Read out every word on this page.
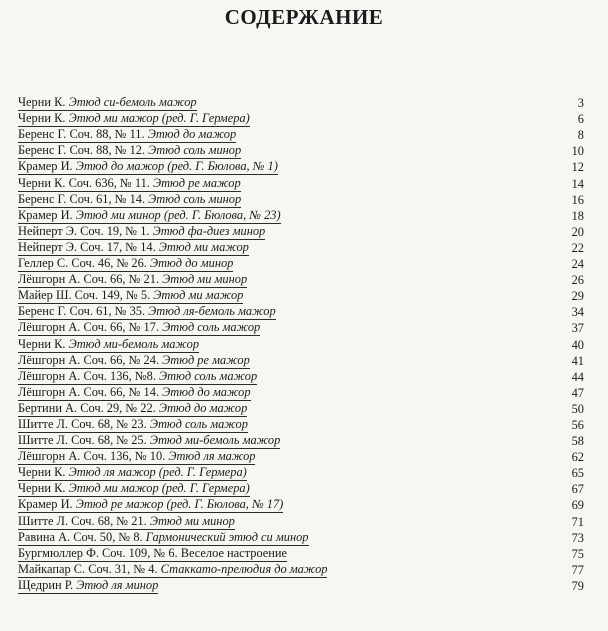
СОДЕРЖАНИЕ
Черни К. Этюд си-бемоль мажор	3
Черни К. Этюд ми мажор (ред. Г. Гермера)	6
Беренс Г. Соч. 88, № 11. Этюд до мажор	8
Беренс Г. Соч. 88, № 12. Этюд соль минор	10
Крамер И. Этюд до мажор (ред. Г. Бюлова, № 1)	12
Черни К. Соч. 636, № 11. Этюд ре мажор	14
Беренс Г. Соч. 61, № 14. Этюд соль минор	16
Крамер И. Этюд ми минор (ред. Г. Бюлова, № 23)	18
Нейперт Э. Соч. 19, № 1. Этюд фа-диез минор	20
Нейперт Э. Соч. 17, № 14. Этюд ми мажор	22
Геллер С. Соч. 46, № 26. Этюд до минор	24
Лёшгорн А. Соч. 66, № 21. Этюд ми минор	26
Майер Ш. Соч. 149, № 5. Этюд ми мажор	29
Беренс Г. Соч. 61, № 35. Этюд ля-бемоль мажор	34
Лёшгорн А. Соч. 66, № 17. Этюд соль мажор	37
Черни К. Этюд ми-бемоль мажор	40
Лёшгорн А. Соч. 66, № 24. Этюд ре мажор	41
Лёшгорн А. Соч. 136, №8. Этюд соль мажор	44
Лёшгорн А. Соч. 66, № 14. Этюд до мажор	47
Бертини А. Соч. 29, № 22. Этюд до мажор	50
Шитте Л. Соч. 68, № 23. Этюд соль мажор	56
Шитте Л. Соч. 68, № 25. Этюд ми-бемоль мажор	58
Лёшгорн А. Соч. 136, № 10. Этюд ля мажор	62
Черни К. Этюд ля мажор (ред. Г. Гермера)	65
Черни К. Этюд ми мажор (ред. Г. Гермера)	67
Крамер И. Этюд ре мажор (ред. Г. Бюлова, № 17)	69
Шитте Л. Соч. 68, № 21. Этюд ми минор	71
Равина А. Соч. 50, № 8. Гармонический этюд си минор	73
Бургмюллер Ф. Соч. 109, № 6. Веселое настроение	75
Майкапар С. Соч. 31, № 4. Стаккато-прелюдия до мажор	77
Щедрин Р. Этюд ля минор	79
